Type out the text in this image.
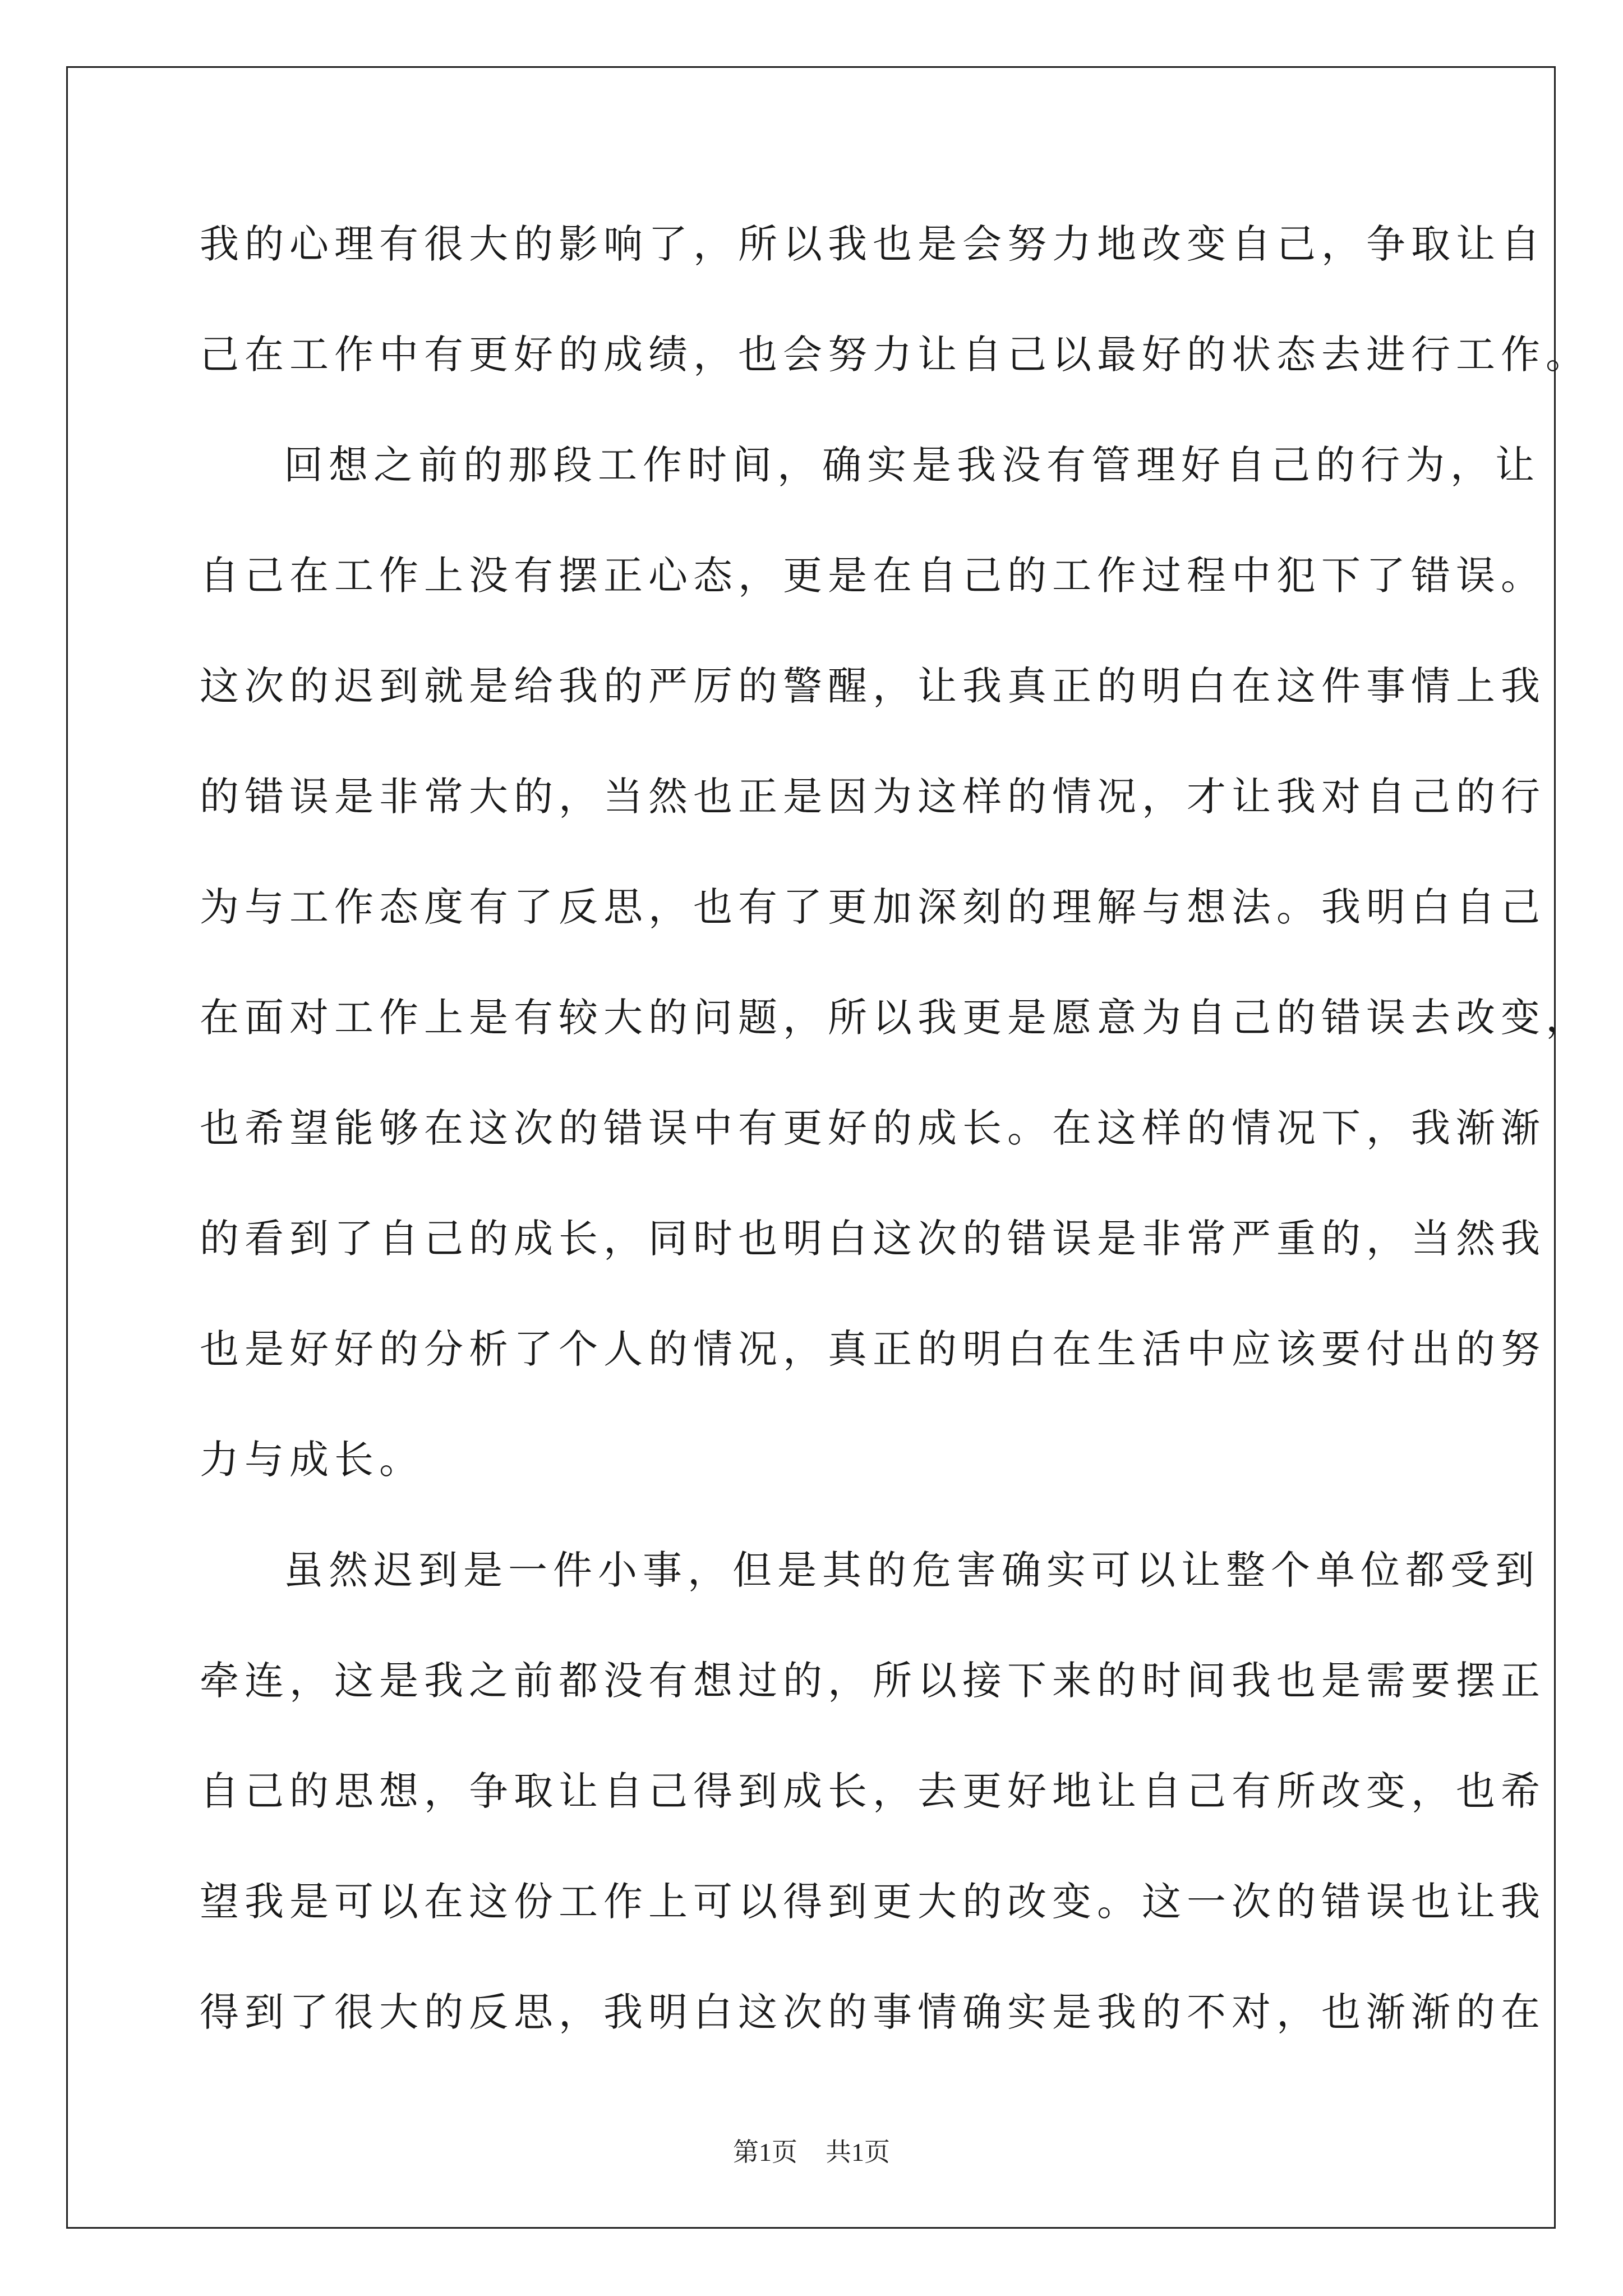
我的心理有很大的影响了，所以我也是会努力地改变自己，争取让自
己在工作中有更好的成绩，也会努力让自己以最好的状态去进行工作。
回想之前的那段工作时间，确实是我没有管理好自己的行为，让
自己在工作上没有摆正心态，更是在自己的工作过程中犯下了错误。
这次的迟到就是给我的严厉的警醒，让我真正的明白在这件事情上我
的错误是非常大的，当然也正是因为这样的情况，才让我对自己的行
为与工作态度有了反思，也有了更加深刻的理解与想法。我明白自己
在面对工作上是有较大的问题，所以我更是愿意为自己的错误去改变，
也希望能够在这次的错误中有更好的成长。在这样的情况下，我渐渐
的看到了自己的成长，同时也明白这次的错误是非常严重的，当然我
也是好好的分析了个人的情况，真正的明白在生活中应该要付出的努
力与成长。
虽然迟到是一件小事，但是其的危害确实可以让整个单位都受到
牵连，这是我之前都没有想过的，所以接下来的时间我也是需要摆正
自己的思想，争取让自己得到成长，去更好地让自己有所改变，也希
望我是可以在这份工作上可以得到更大的改变。这一次的错误也让我
得到了很大的反思，我明白这次的事情确实是我的不对，也渐渐的在
第1页 共1页
